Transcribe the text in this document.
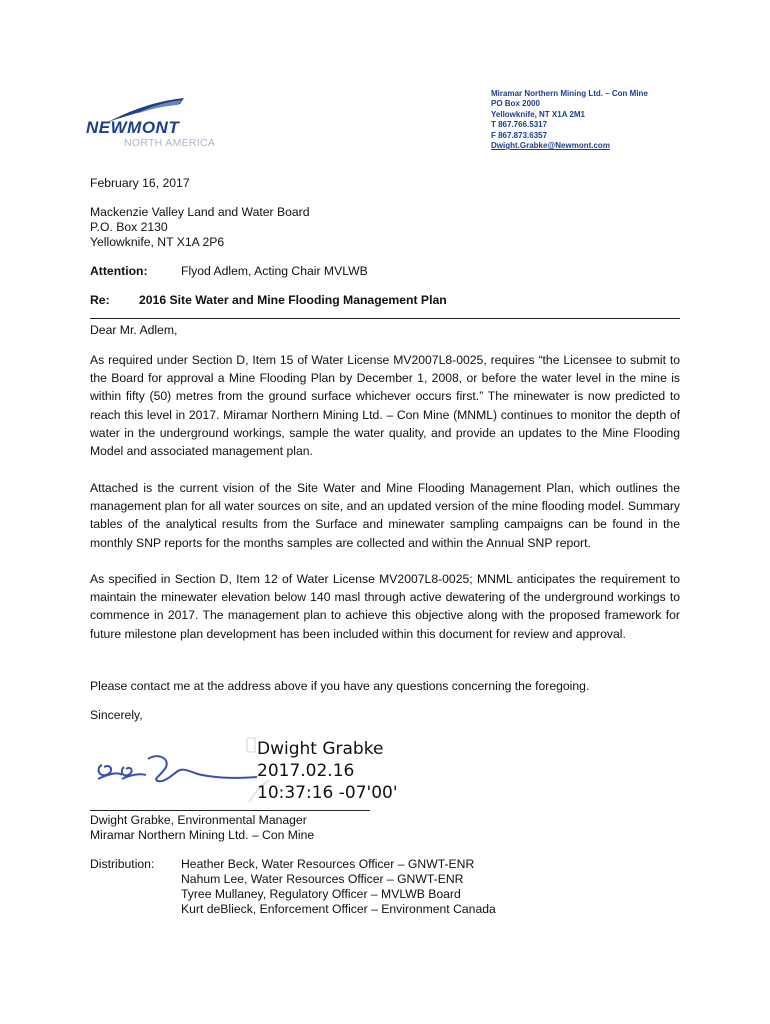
NEWMONT
NORTH AMERICA
Miramar Northern Mining Ltd. – Con Mine
PO Box 2000
Yellowknife, NT X1A 2M1
T 867.766.5317
F 867.873.6357
Dwight.Grabke@Newmont.com
February 16, 2017
Mackenzie Valley Land and Water Board
P.O. Box 2130
Yellowknife, NT X1A 2P6
Attention:	Flyod Adlem, Acting Chair MVLWB
Re: 2016 Site Water and Mine Flooding Management Plan
Dear Mr. Adlem,
As required under Section D, Item 15 of Water License MV2007L8-0025, requires “the Licensee to submit to the Board for approval a Mine Flooding Plan by December 1, 2008, or before the water level in the mine is within fifty (50) metres from the ground surface whichever occurs first.” The minewater is now predicted to reach this level in 2017. Miramar Northern Mining Ltd. – Con Mine (MNML) continues to monitor the depth of water in the underground workings, sample the water quality, and provide an updates to the Mine Flooding Model and associated management plan.
Attached is the current vision of the Site Water and Mine Flooding Management Plan, which outlines the management plan for all water sources on site, and an updated version of the mine flooding model. Summary tables of the analytical results from the Surface and minewater sampling campaigns can be found in the monthly SNP reports for the months samples are collected and within the Annual SNP report.
As specified in Section D, Item 12 of Water License MV2007L8-0025; MNML anticipates the requirement to maintain the minewater elevation below 140 masl through active dewatering of the underground workings to commence in 2017. The management plan to achieve this objective along with the proposed framework for future milestone plan development has been included within this document for review and approval.
Please contact me at the address above if you have any questions concerning the foregoing.
Sincerely,
Dwight Grabke
2017.02.16
10:37:16 -07'00'
Dwight Grabke, Environmental Manager
Miramar Northern Mining Ltd. – Con Mine
Distribution: Heather Beck, Water Resources Officer – GNWT-ENR
Nahum Lee, Water Resources Officer – GNWT-ENR
Tyree Mullaney, Regulatory Officer – MVLWB Board
Kurt deBlieck, Enforcement Officer – Environment Canada
